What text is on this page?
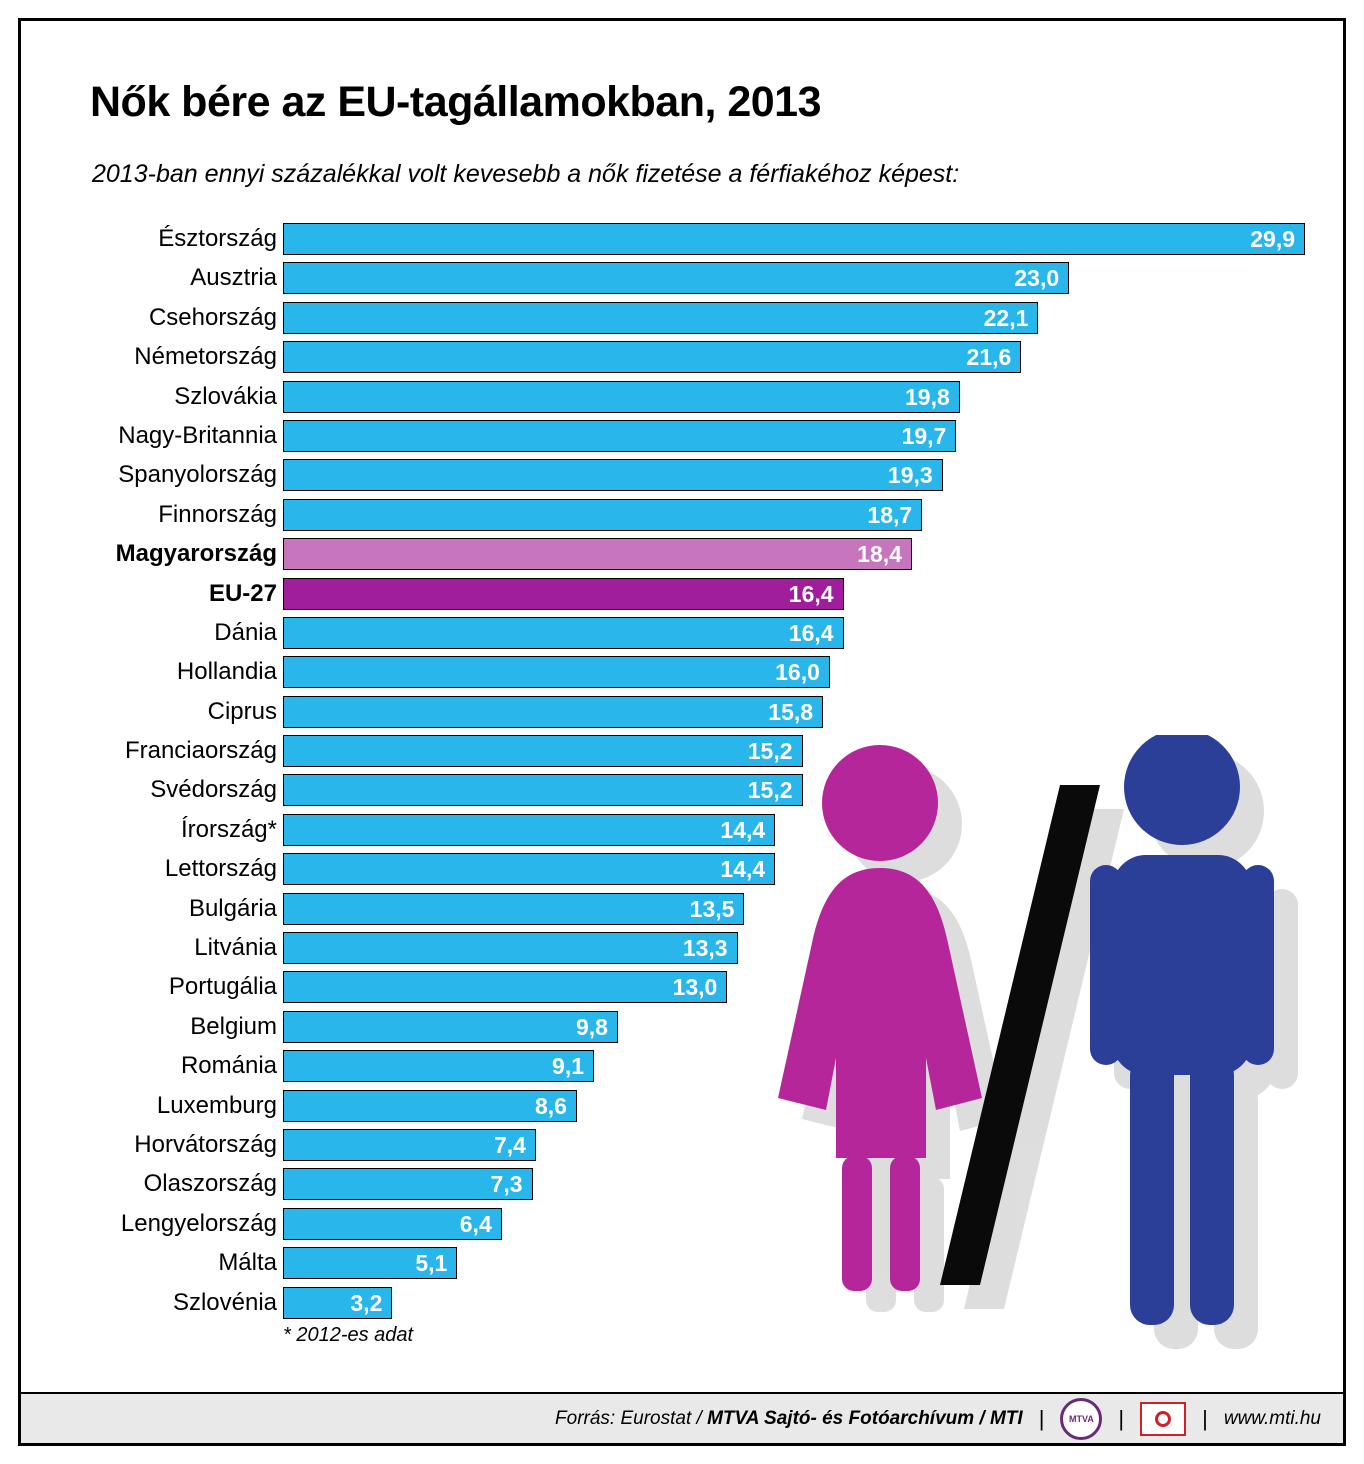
Nők bére az EU-tagállamokban, 2013
2013-ban ennyi százalékkal volt kevesebb a nők fizetése a férfiakéhoz képest:
Észtország	29,9
Ausztria	23,0
Csehország	22,1
Németország	21,6
Szlovákia	19,8
Nagy-Britannia	19,7
Spanyolország	19,3
Finnország	18,7
Magyarország	18,4
EU-27	16,4
Dánia	16,4
Hollandia	16,0
Ciprus	15,8
Franciaország	15,2
Svédország	15,2
Írország*	14,4
Lettország	14,4
Bulgária	13,5
Litvánia	13,3
Portugália	13,0
Belgium	9,8
Románia	9,1
Luxemburg	8,6
Horvátország	7,4
Olaszország	7,3
Lengyelország	6,4
Málta	5,1
Szlovénia	3,2
* 2012-es adat
Forrás: Eurostat / MTVA Sajtó- és Fotóarchívum / MTI |	MTVA	|	| www.mti.hu
